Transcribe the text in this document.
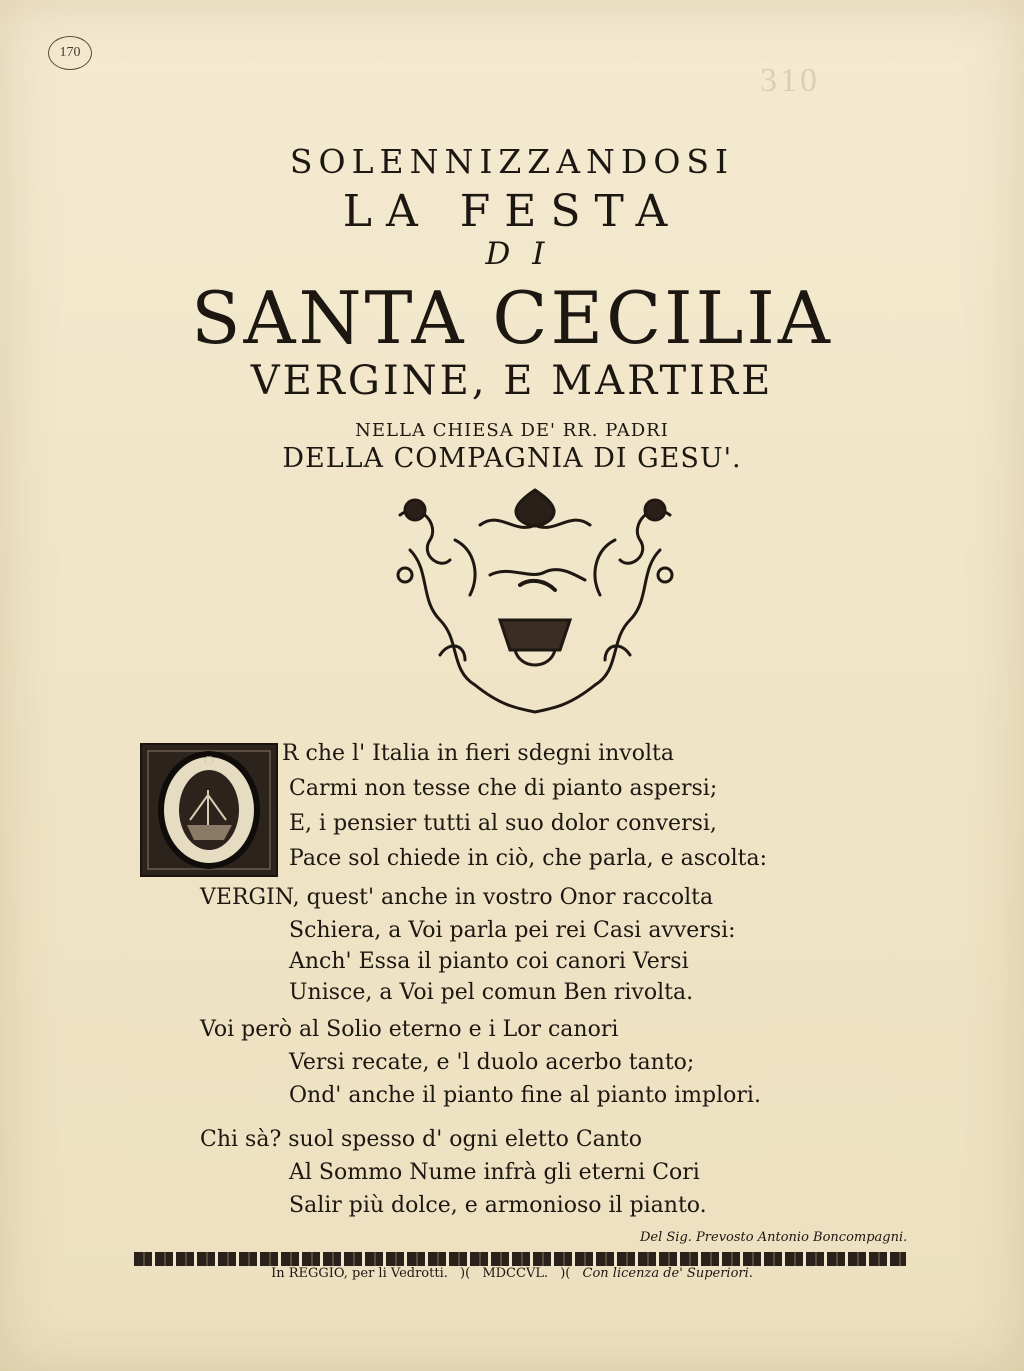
170
310
SOLENNIZZANDOSI
LA FESTA
DI
SANTA CECILIA
VERGINE, E MARTIRE
NELLA CHIESA DE' RR. PADRI
DELLA COMPAGNIA DI GESU'.
O	R che l' Italia in fieri sdegni involta
Carmi non tesse che di pianto aspersi;
E, i pensier tutti al suo dolor conversi,
Pace sol chiede in ciò, che parla, e ascolta:
VERGIN, quest' anche in vostro Onor raccolta
Schiera, a Voi parla pei rei Casi avversi:
Anch' Essa il pianto coi canori Versi
Unisce, a Voi pel comun Ben rivolta.
Voi però al Solio eterno e i Lor canori
Versi recate, e 'l duolo acerbo tanto;
Ond' anche il pianto fine al pianto implori.
Chi sà? suol spesso d' ogni eletto Canto
Al Sommo Nume infrà gli eterni Cori
Salir più dolce, e armonioso il pianto.
Del Sig. Prevosto Antonio Boncompagni.
In REGGIO, per li Vedrotti. )( MDCCVL. )( Con licenza de' Superiori.
